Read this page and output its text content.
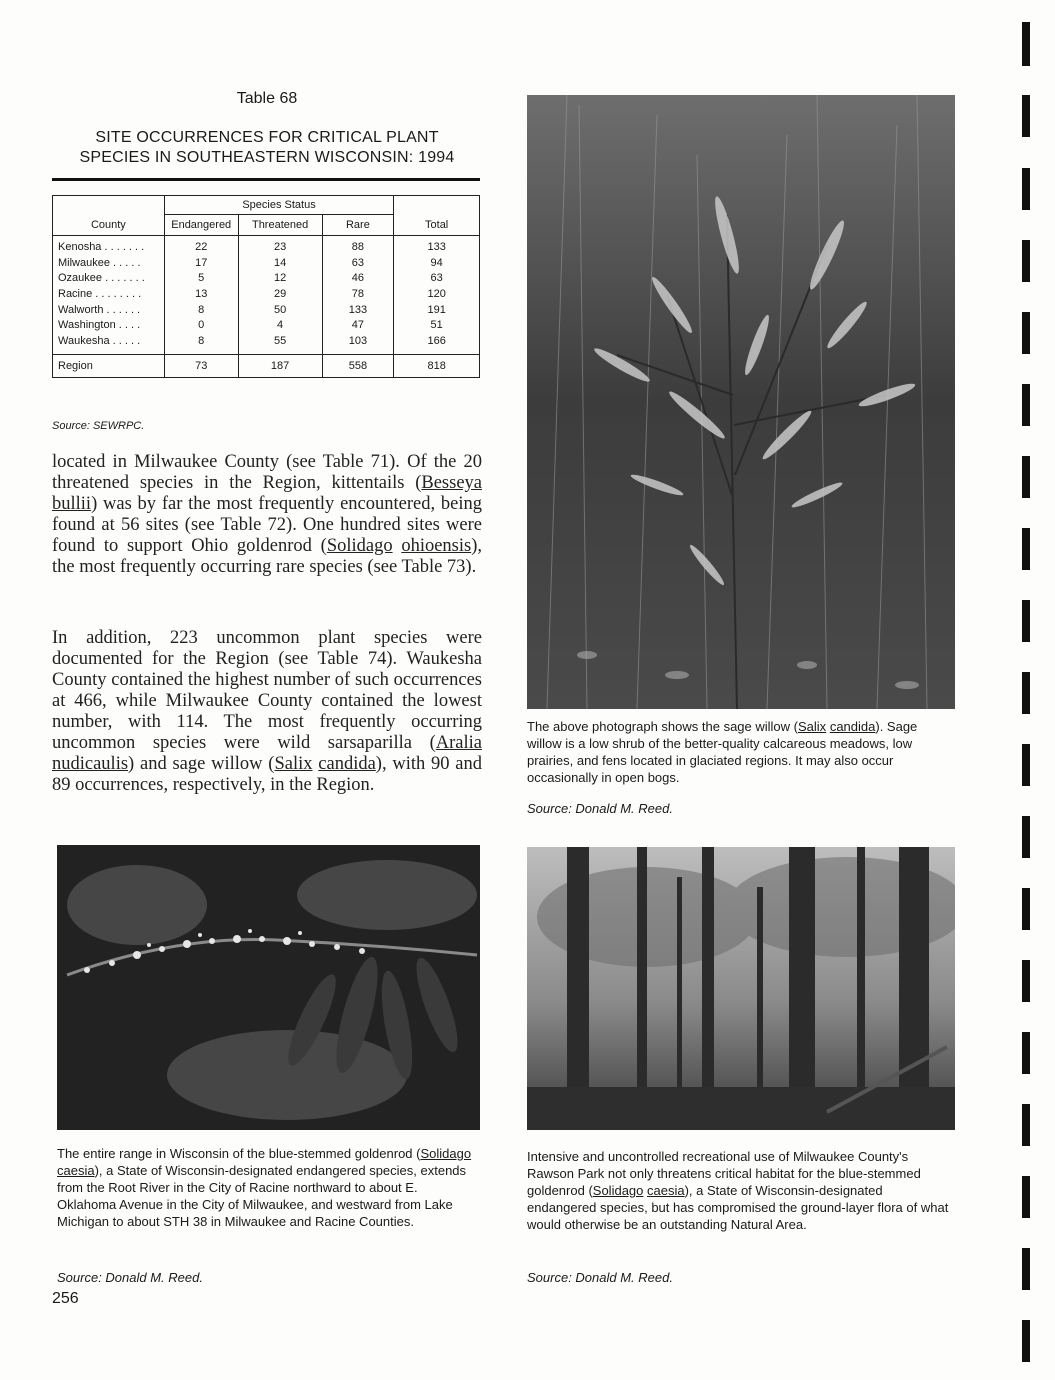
Table 68
SITE OCCURRENCES FOR CRITICAL PLANT
SPECIES IN SOUTHEASTERN WISCONSIN: 1994
	Species Status			
County	Endangered	Threatened	Rare	Total
Kenosha . . . . . . .	22	23	88	133
Milwaukee . . . . .	17	14	63	94
Ozaukee . . . . . . .	5	12	46	63
Racine . . . . . . . .	13	29	78	120
Walworth . . . . . .	8	50	133	191
Washington . . . .	0	4	47	51
Waukesha . . . . .	8	55	103	166
Region	73	187	558	818
Source: SEWRPC.
located in Milwaukee County (see Table 71). Of the 20 threatened species in the Region, kittentails (Besseya bullii) was by far the most frequently encountered, being found at 56 sites (see Table 72). One hundred sites were found to support Ohio goldenrod (Solidago ohioensis), the most frequently occurring rare species (see Table 73).
In addition, 223 uncommon plant species were documented for the Region (see Table 74). Waukesha County contained the highest number of such occurrences at 466, while Milwaukee County contained the lowest number, with 114. The most frequently occurring uncommon species were wild sarsaparilla (Aralia nudicaulis) and sage willow (Salix candida), with 90 and 89 occurrences, respectively, in the Region.
The above photograph shows the sage willow (Salix candida). Sage willow is a low shrub of the better-quality calcareous meadows, low prairies, and fens located in glaciated regions. It may also occur occasionally in open bogs.
Source: Donald M. Reed.
The entire range in Wisconsin of the blue-stemmed goldenrod (Solidago caesia), a State of Wisconsin-designated endangered species, extends from the Root River in the City of Racine northward to about E. Oklahoma Avenue in the City of Milwaukee, and westward from Lake Michigan to about STH 38 in Milwaukee and Racine Counties.
Source: Donald M. Reed.
Intensive and uncontrolled recreational use of Milwaukee County's Rawson Park not only threatens critical habitat for the blue-stemmed goldenrod (Solidago caesia), a State of Wisconsin-designated endangered species, but has compromised the ground-layer flora of what would otherwise be an outstanding Natural Area.
Source: Donald M. Reed.
256
